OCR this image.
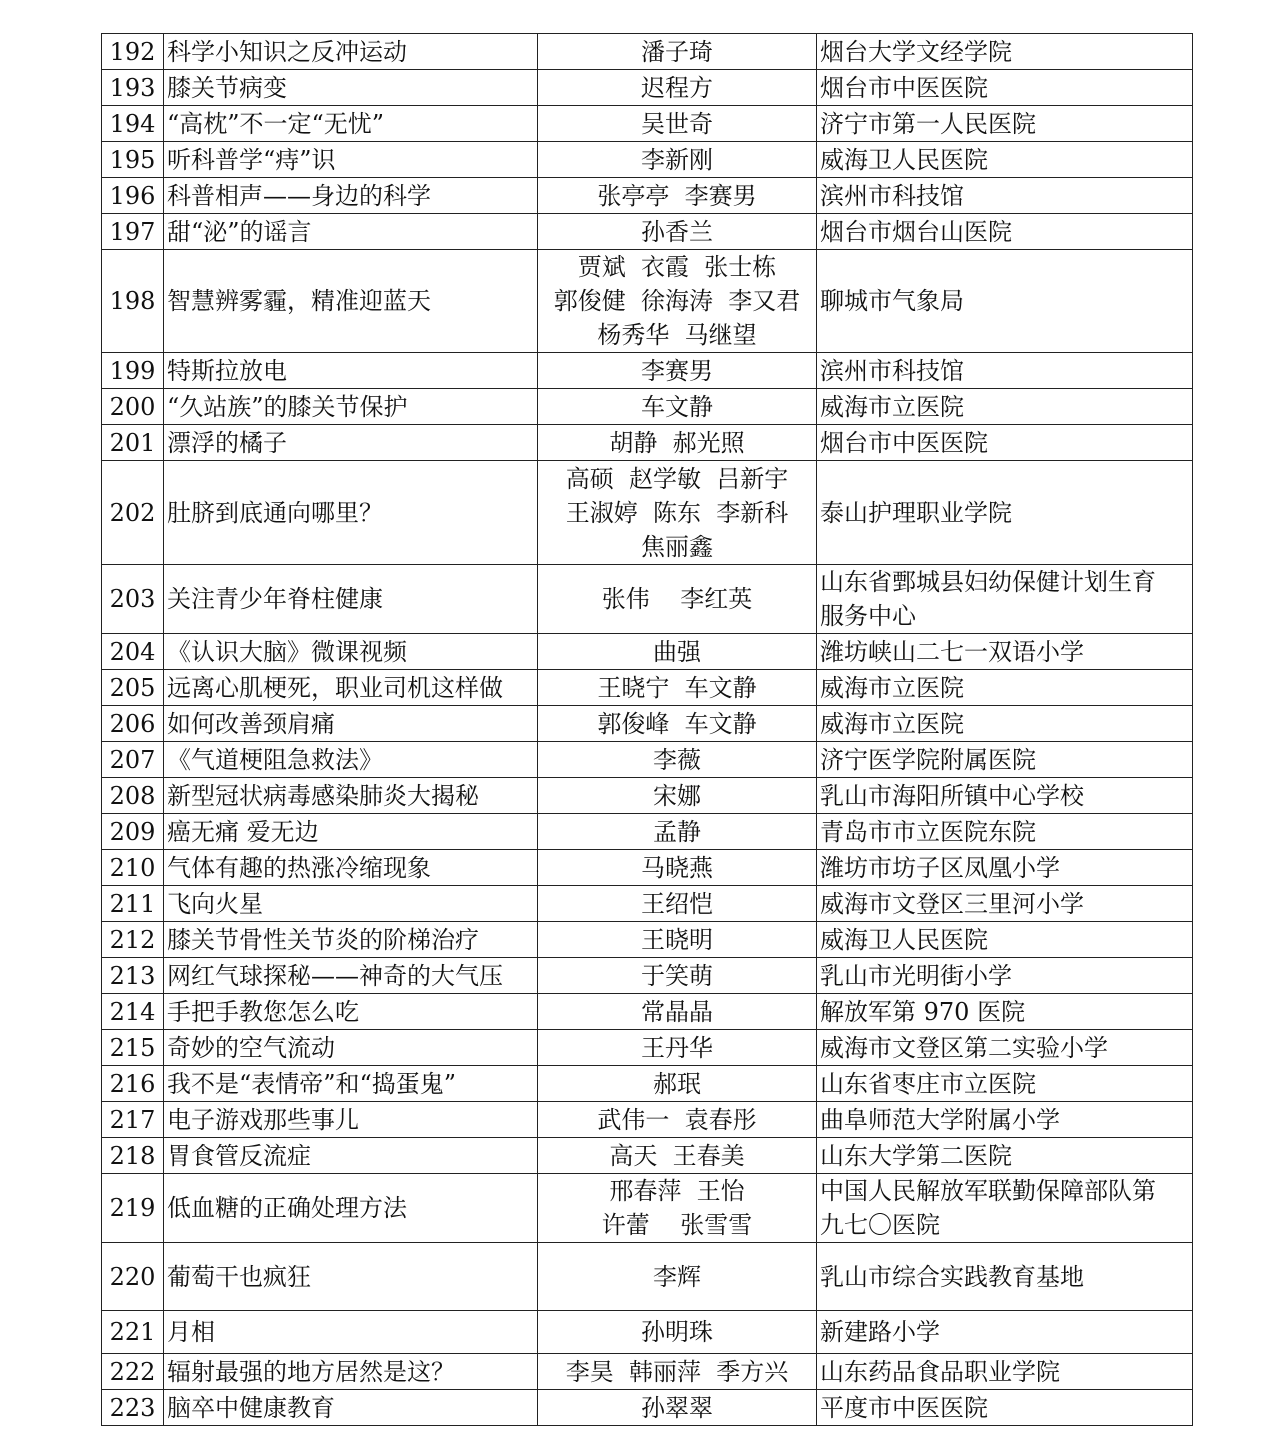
192	科学小知识之反冲运动	潘子琦	烟台大学文经学院

193	膝关节病变	迟程方	烟台市中医医院

194	“高枕”不一定“无忧”	吴世奇	济宁市第一人民医院

195	听科普学“痔”识	李新刚	威海卫人民医院

196	科普相声——身边的科学	张亭亭  李赛男	滨州市科技馆

197	甜“泌”的谣言	孙香兰	烟台市烟台山医院

198	智慧辨雾霾，精准迎蓝天	贾斌  衣霞  张士栋
郭俊健  徐海涛  李又君
杨秀华  马继望	聊城市气象局

199	特斯拉放电	李赛男	滨州市科技馆

200	“久站族”的膝关节保护	车文静	威海市立医院

201	漂浮的橘子	胡静  郝光照	烟台市中医医院

202	肚脐到底通向哪里？	高硕  赵学敏  吕新宇
王淑婷  陈东  李新科
焦丽鑫	泰山护理职业学院

203	关注青少年脊柱健康	张伟    李红英	山东省鄄城县妇幼保健计划生育
服务中心

204	《认识大脑》微课视频	曲强	潍坊峡山二七一双语小学

205	远离心肌梗死，职业司机这样做	王晓宁  车文静	威海市立医院

206	如何改善颈肩痛	郭俊峰  车文静	威海市立医院

207	《气道梗阻急救法》	李薇	济宁医学院附属医院

208	新型冠状病毒感染肺炎大揭秘	宋娜	乳山市海阳所镇中心学校

209	癌无痛 爱无边	孟静	青岛市市立医院东院

210	气体有趣的热涨冷缩现象	马晓燕	潍坊市坊子区凤凰小学

211	飞向火星	王绍恺	威海市文登区三里河小学

212	膝关节骨性关节炎的阶梯治疗	王晓明	威海卫人民医院

213	网红气球探秘——神奇的大气压	于笑萌	乳山市光明街小学

214	手把手教您怎么吃	常晶晶	解放军第 970 医院

215	奇妙的空气流动	王丹华	威海市文登区第二实验小学

216	我不是“表情帝”和“捣蛋鬼”	郝珉	山东省枣庄市立医院

217	电子游戏那些事儿	武伟一  袁春彤	曲阜师范大学附属小学

218	胃食管反流症	高天  王春美	山东大学第二医院

219	低血糖的正确处理方法	邢春萍  王怡
许蕾    张雪雪	中国人民解放军联勤保障部队第
九七〇医院

220	葡萄干也疯狂	李辉	乳山市综合实践教育基地

221	月相	孙明珠	新建路小学

222	辐射最强的地方居然是这？	李昊  韩丽萍  季方兴	山东药品食品职业学院

223	脑卒中健康教育	孙翠翠	平度市中医医院
